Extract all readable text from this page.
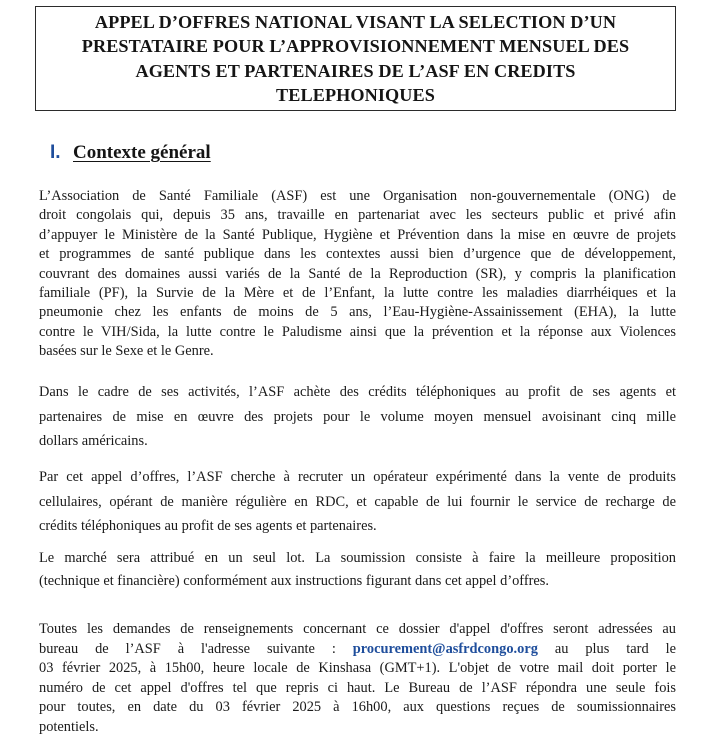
APPEL D’OFFRES NATIONAL VISANT LA SELECTION D’UN
PRESTATAIRE POUR L’APPROVISIONNEMENT MENSUEL DES
AGENTS ET PARTENAIRES DE L’ASF EN CREDITS
TELEPHONIQUES
I. Contexte général
L’Association de Santé Familiale (ASF) est une Organisation non-gouvernementale (ONG) de
droit congolais qui, depuis 35 ans, travaille en partenariat avec les secteurs public et privé afin
d’appuyer le Ministère de la Santé Publique, Hygiène et Prévention dans la mise en œuvre de projets
et programmes de santé publique dans les contextes aussi bien d’urgence que de développement,
couvrant des domaines aussi variés de la Santé de la Reproduction (SR), y compris la planification
familiale (PF), la Survie de la Mère et de l’Enfant, la lutte contre les maladies diarrhéiques et la
pneumonie chez les enfants de moins de 5 ans, l’Eau-Hygiène-Assainissement (EHA), la lutte
contre le VIH/Sida, la lutte contre le Paludisme ainsi que la prévention et la réponse aux Violences
basées sur le Sexe et le Genre.
Dans le cadre de ses activités, l’ASF achète des crédits téléphoniques au profit de ses agents et
partenaires de mise en œuvre des projets pour le volume moyen mensuel avoisinant cinq mille
dollars américains.
Par cet appel d’offres, l’ASF cherche à recruter un opérateur expérimenté dans la vente de produits
cellulaires, opérant de manière régulière en RDC, et capable de lui fournir le service de recharge de
crédits téléphoniques au profit de ses agents et partenaires.
Le marché sera attribué en un seul lot. La soumission consiste à faire la meilleure proposition
(technique et financière) conformément aux instructions figurant dans cet appel d’offres.
Toutes les demandes de renseignements concernant ce dossier d'appel d'offres seront adressées au
bureau de l’ASF à l'adresse suivante : procurement@asfrdcongo.org au plus tard le
03 février 2025, à 15h00, heure locale de Kinshasa (GMT+1). L'objet de votre mail doit porter le
numéro de cet appel d'offres tel que repris ci haut. Le Bureau de l’ASF répondra une seule fois
pour toutes, en date du 03 février 2025 à 16h00, aux questions reçues de soumissionnaires
potentiels.
